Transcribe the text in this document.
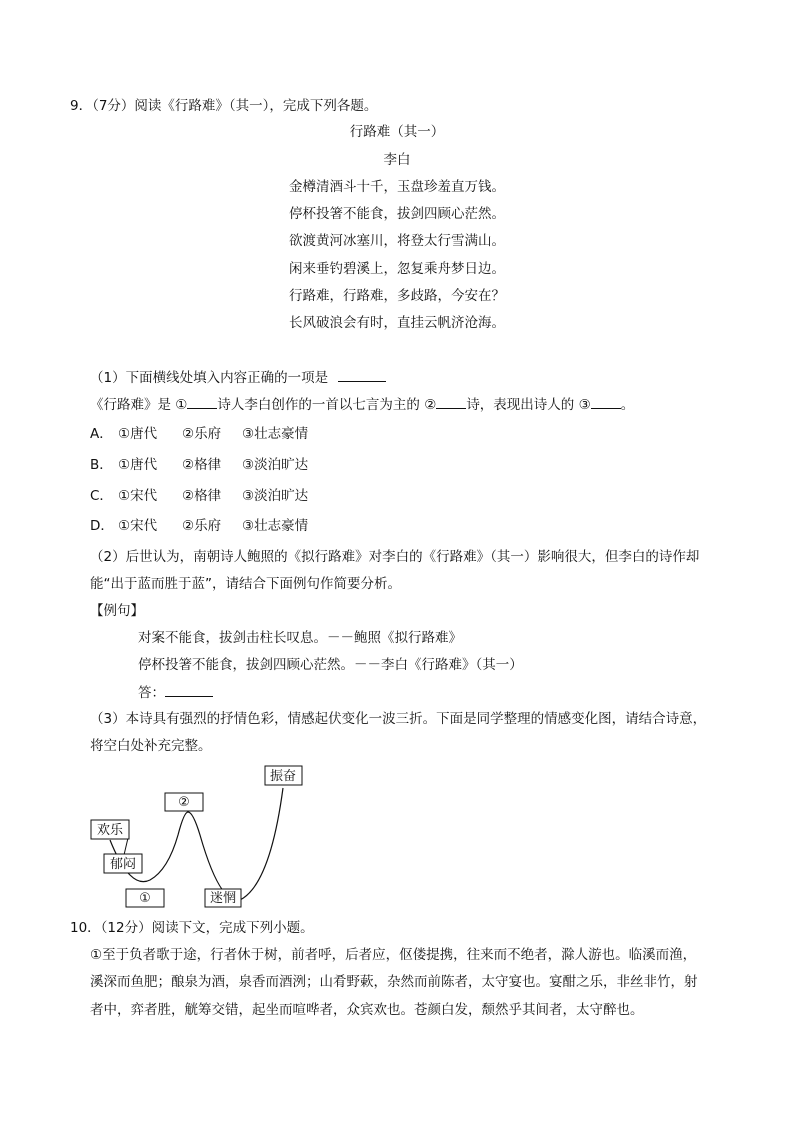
9．（7分）阅读《行路难》（其一），完成下列各题。
行路难（其一）
李白
金樽清酒斗十千，玉盘珍羞直万钱。
停杯投箸不能食，拔剑四顾心茫然。
欲渡黄河冰塞川，将登太行雪满山。
闲来垂钓碧溪上，忽复乘舟梦日边。
行路难，行路难，多歧路，今安在？
长风破浪会有时，直挂云帆济沧海。
（1）下面横线处填入内容正确的一项是
《行路难》是 ① 诗人李白创作的一首以七言为主的 ② 诗，表现出诗人的 ③ 。
A． ①唐代 ②乐府 ③壮志豪情
B． ①唐代 ②格律 ③淡泊旷达
C． ①宋代 ②格律 ③淡泊旷达
D． ①宋代 ②乐府 ③壮志豪情
（2）后世认为，南朝诗人鲍照的《拟行路难》对李白的《行路难》（其一）影响很大，但李白的诗作却
能“出于蓝而胜于蓝”，请结合下面例句作简要分析。
【例句】
对案不能食，拔剑击柱长叹息。－－鲍照《拟行路难》
停杯投箸不能食，拔剑四顾心茫然。－－李白《行路难》（其一）
答：
（3）本诗具有强烈的抒情色彩，情感起伏变化一波三折。下面是同学整理的情感变化图，请结合诗意，
将空白处补充完整。
振奋
②
欢乐
郁闷
①	迷惘
10．（12分）阅读下文，完成下列小题。
①至于负者歌于途，行者休于树，前者呼，后者应，伛偻提携，往来而不绝者，滁人游也。临溪而渔，
溪深而鱼肥；酿泉为酒，泉香而酒洌；山肴野蔌，杂然而前陈者，太守宴也。宴酣之乐，非丝非竹，射
者中，弈者胜，觥筹交错，起坐而喧哗者，众宾欢也。苍颜白发，颓然乎其间者，太守醉也。
